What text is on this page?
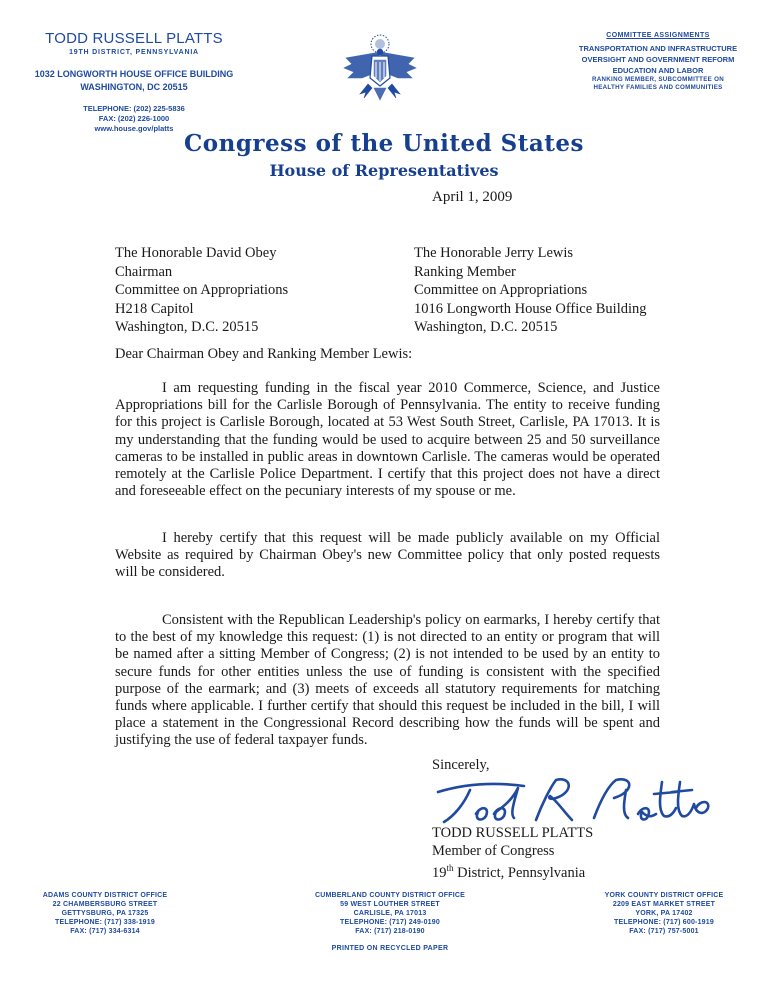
TODD RUSSELL PLATTS
19TH DISTRICT, PENNSYLVANIA
1032 LONGWORTH HOUSE OFFICE BUILDING
WASHINGTON, DC 20515
TELEPHONE: (202) 225-5836
FAX: (202) 226-1000
www.house.gov/platts
COMMITTEE ASSIGNMENTS
TRANSPORTATION AND INFRASTRUCTURE
OVERSIGHT AND GOVERNMENT REFORM
EDUCATION AND LABOR
RANKING MEMBER, SUBCOMMITTEE ON
HEALTHY FAMILIES AND COMMUNITIES
Congress of the United States
House of Representatives
April 1, 2009
The Honorable David Obey
Chairman
Committee on Appropriations
H218 Capitol
Washington, D.C. 20515
The Honorable Jerry Lewis
Ranking Member
Committee on Appropriations
1016 Longworth House Office Building
Washington, D.C. 20515
Dear Chairman Obey and Ranking Member Lewis:

I am requesting funding in the fiscal year 2010 Commerce, Science, and Justice Appropriations bill for the Carlisle Borough of Pennsylvania. The entity to receive funding for this project is Carlisle Borough, located at 53 West South Street, Carlisle, PA 17013. It is my understanding that the funding would be used to acquire between 25 and 50 surveillance cameras to be installed in public areas in downtown Carlisle. The cameras would be operated remotely at the Carlisle Police Department. I certify that this project does not have a direct and foreseeable effect on the pecuniary interests of my spouse or me.

I hereby certify that this request will be made publicly available on my Official Website as required by Chairman Obey's new Committee policy that only posted requests will be considered.

Consistent with the Republican Leadership's policy on earmarks, I hereby certify that to the best of my knowledge this request: (1) is not directed to an entity or program that will be named after a sitting Member of Congress; (2) is not intended to be used by an entity to secure funds for other entities unless the use of funding is consistent with the specified purpose of the earmark; and (3) meets of exceeds all statutory requirements for matching funds where applicable. I further certify that should this request be included in the bill, I will place a statement in the Congressional Record describing how the funds will be spent and justifying the use of federal taxpayer funds.

Sincerely,
TODD RUSSELL PLATTS
Member of Congress
19th District, Pennsylvania
ADAMS COUNTY DISTRICT OFFICE
22 CHAMBERSBURG STREET
GETTYSBURG, PA 17325
TELEPHONE: (717) 338-1919
FAX: (717) 334-6314
CUMBERLAND COUNTY DISTRICT OFFICE
59 WEST LOUTHER STREET
CARLISLE, PA 17013
TELEPHONE: (717) 249-0190
FAX: (717) 218-0190
YORK COUNTY DISTRICT OFFICE
2209 EAST MARKET STREET
YORK, PA 17402
TELEPHONE: (717) 600-1919
FAX: (717) 757-5001
PRINTED ON RECYCLED PAPER
